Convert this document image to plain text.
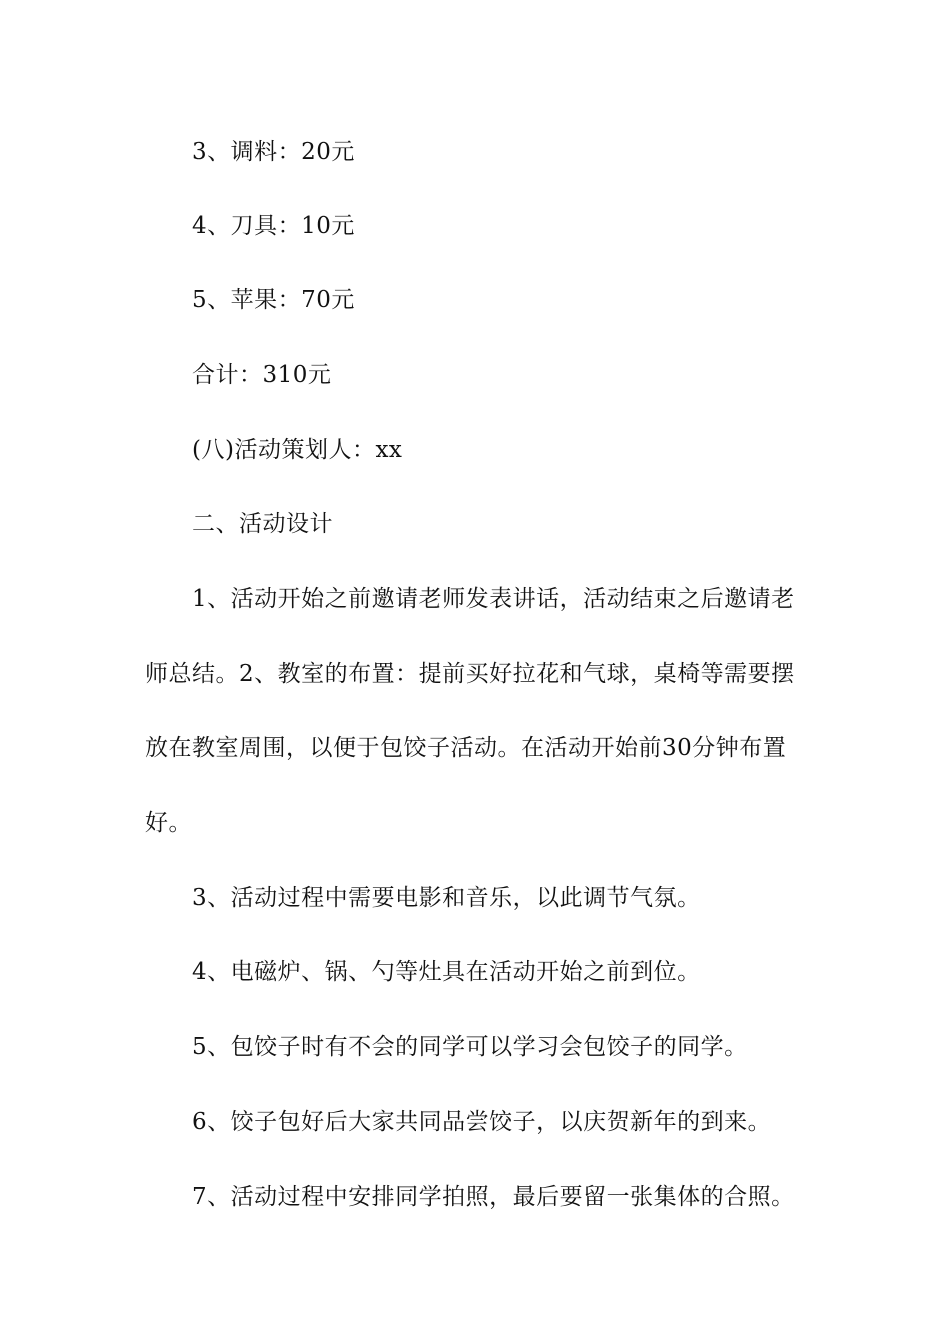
3、调料：20元
4、刀具：10元
5、苹果：70元
合计：310元
(八)活动策划人：xx
二、活动设计
1、活动开始之前邀请老师发表讲话，活动结束之后邀请老
师总结。2、教室的布置：提前买好拉花和气球，桌椅等需要摆
放在教室周围，以便于包饺子活动。在活动开始前30分钟布置
好。
3、活动过程中需要电影和音乐，以此调节气氛。
4、电磁炉、锅、勺等灶具在活动开始之前到位。
5、包饺子时有不会的同学可以学习会包饺子的同学。
6、饺子包好后大家共同品尝饺子，以庆贺新年的到来。
7、活动过程中安排同学拍照，最后要留一张集体的合照。
